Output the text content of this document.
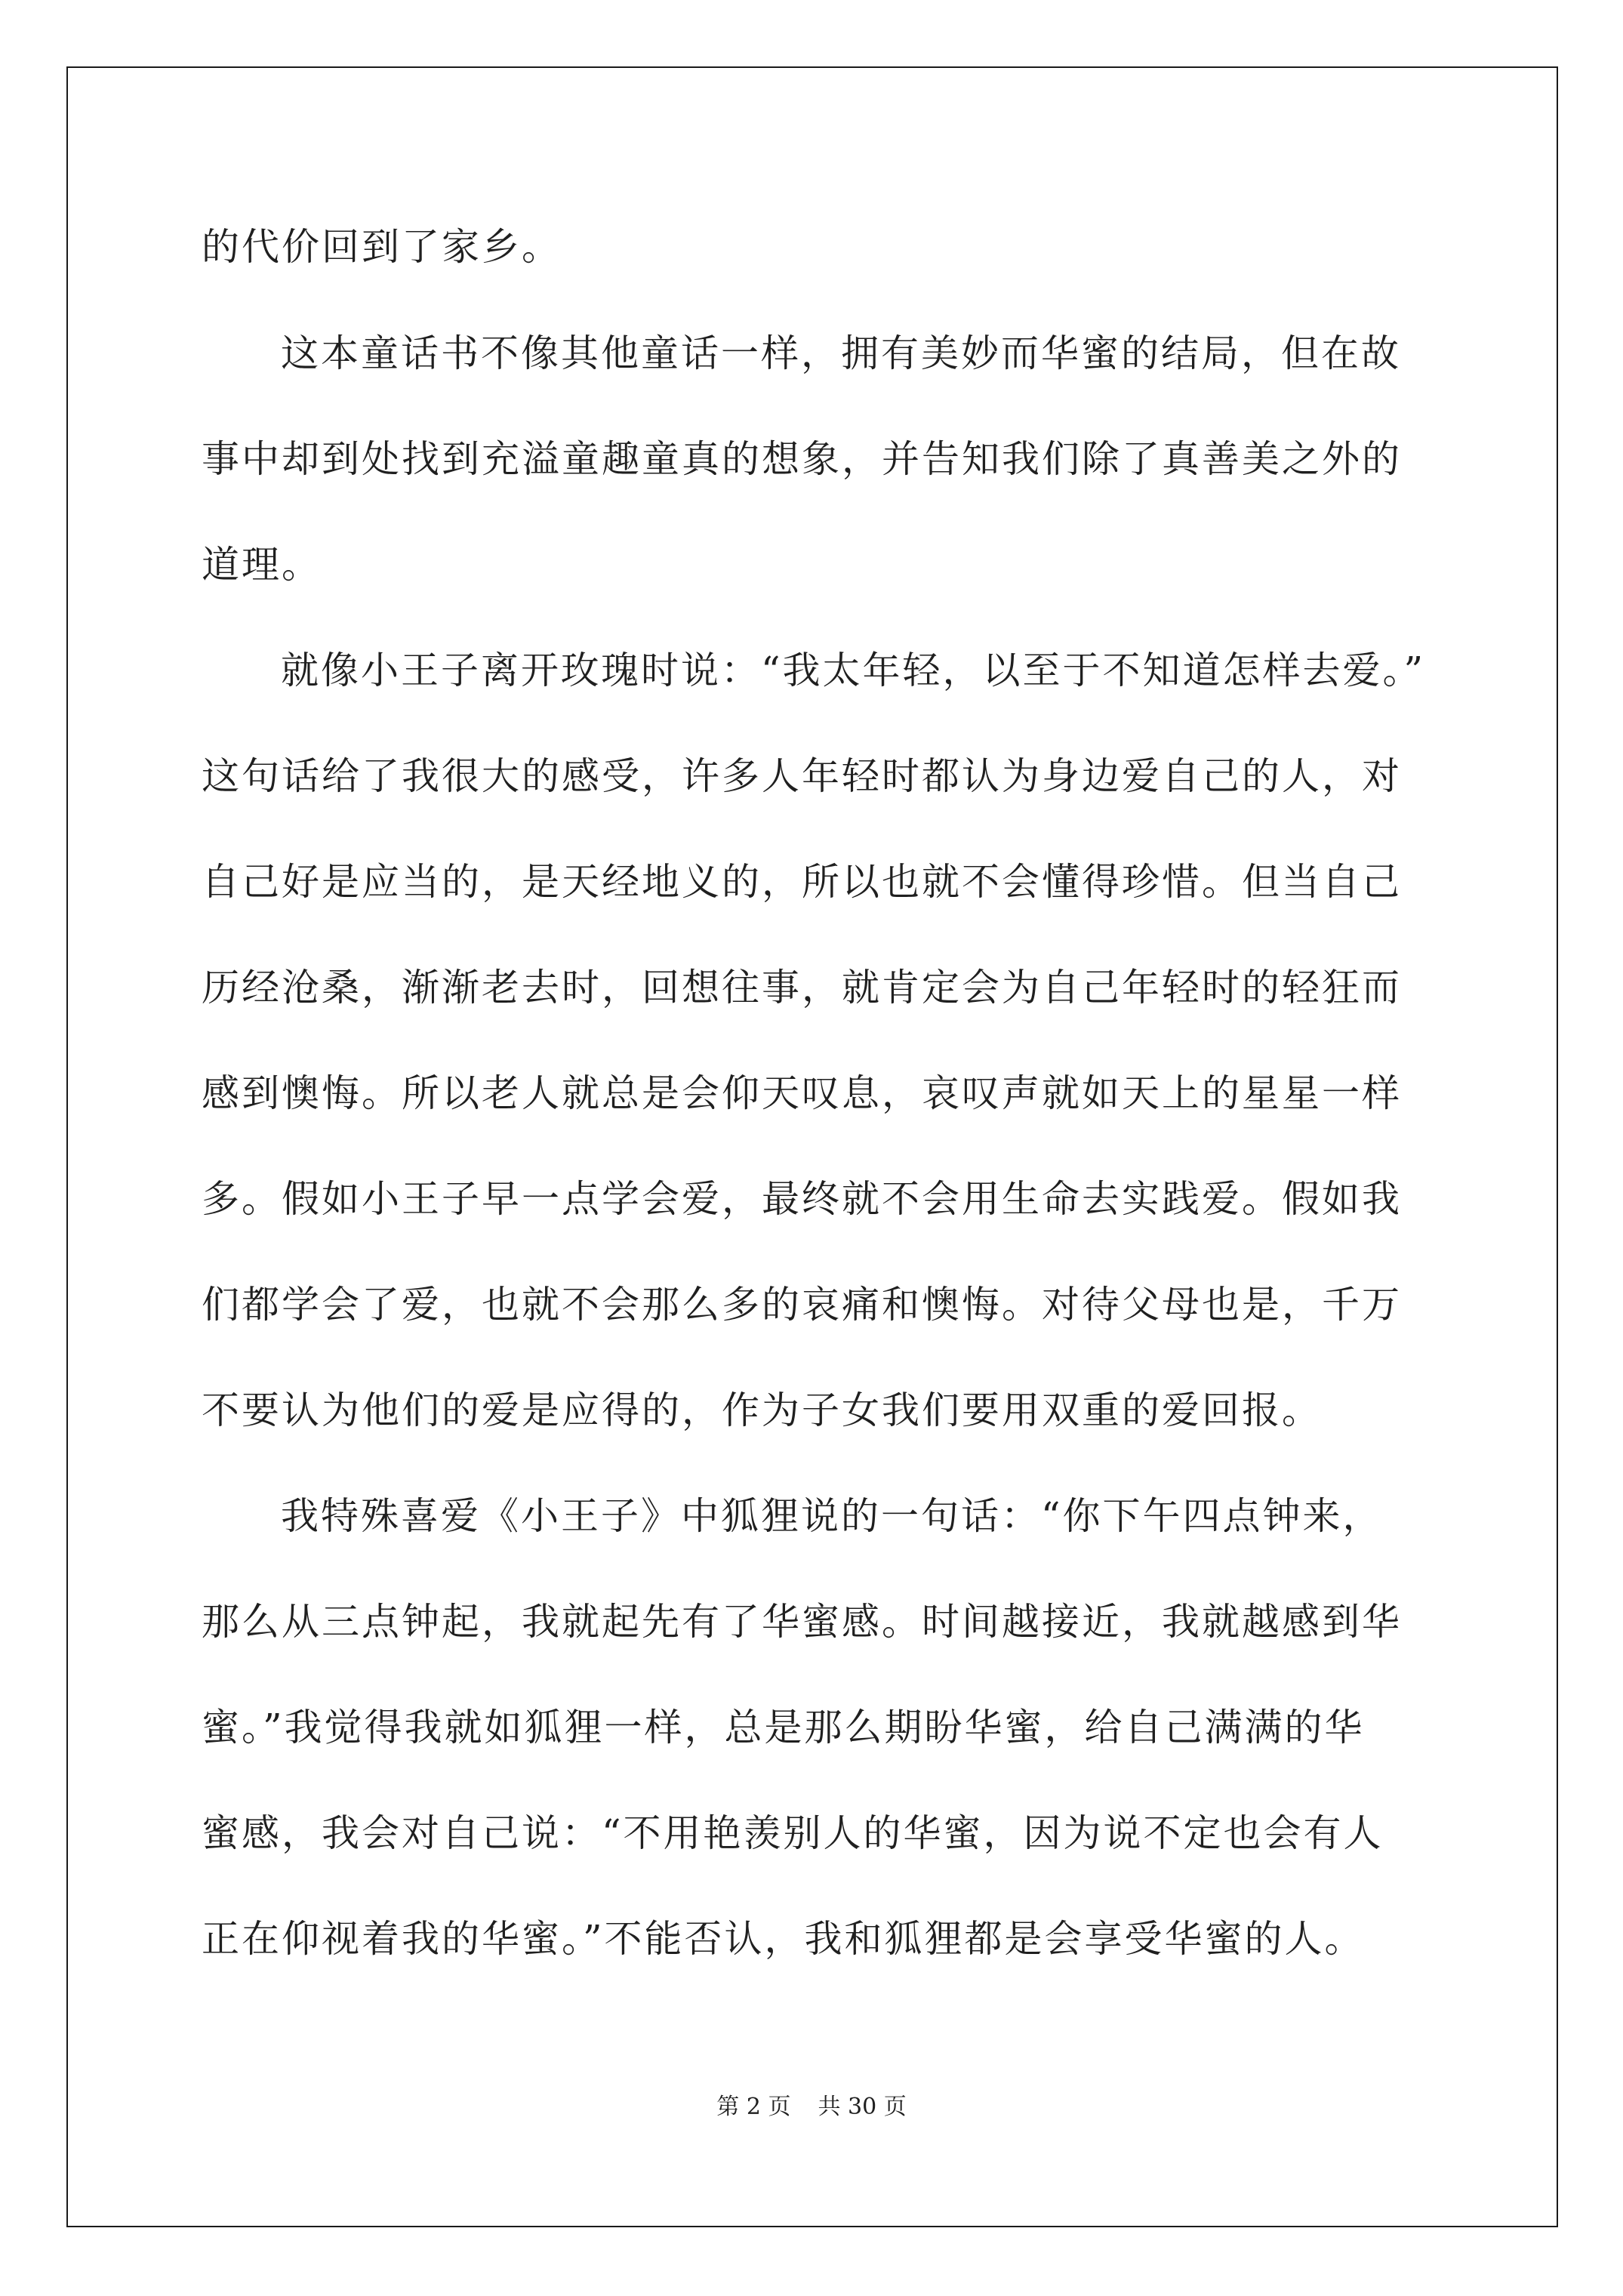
的代价回到了家乡。

这本童话书不像其他童话一样，拥有美妙而华蜜的结局，但在故

事中却到处找到充溢童趣童真的想象，并告知我们除了真善美之外的

道理。

就像小王子离开玫瑰时说：“我太年轻，以至于不知道怎样去爱。”

这句话给了我很大的感受，许多人年轻时都认为身边爱自己的人，对

自己好是应当的，是天经地义的，所以也就不会懂得珍惜。但当自己

历经沧桑，渐渐老去时，回想往事，就肯定会为自己年轻时的轻狂而

感到懊悔。所以老人就总是会仰天叹息，哀叹声就如天上的星星一样

多。假如小王子早一点学会爱，最终就不会用生命去实践爱。假如我

们都学会了爱，也就不会那么多的哀痛和懊悔。对待父母也是，千万

不要认为他们的爱是应得的，作为子女我们要用双重的爱回报。

我特殊喜爱《小王子》中狐狸说的一句话：“你下午四点钟来，

那么从三点钟起，我就起先有了华蜜感。时间越接近，我就越感到华

蜜。”我觉得我就如狐狸一样，总是那么期盼华蜜，给自己满满的华

蜜感，我会对自己说：“不用艳羡别人的华蜜，因为说不定也会有人

正在仰视着我的华蜜。”不能否认，我和狐狸都是会享受华蜜的人。

第 2 页 共 30 页
